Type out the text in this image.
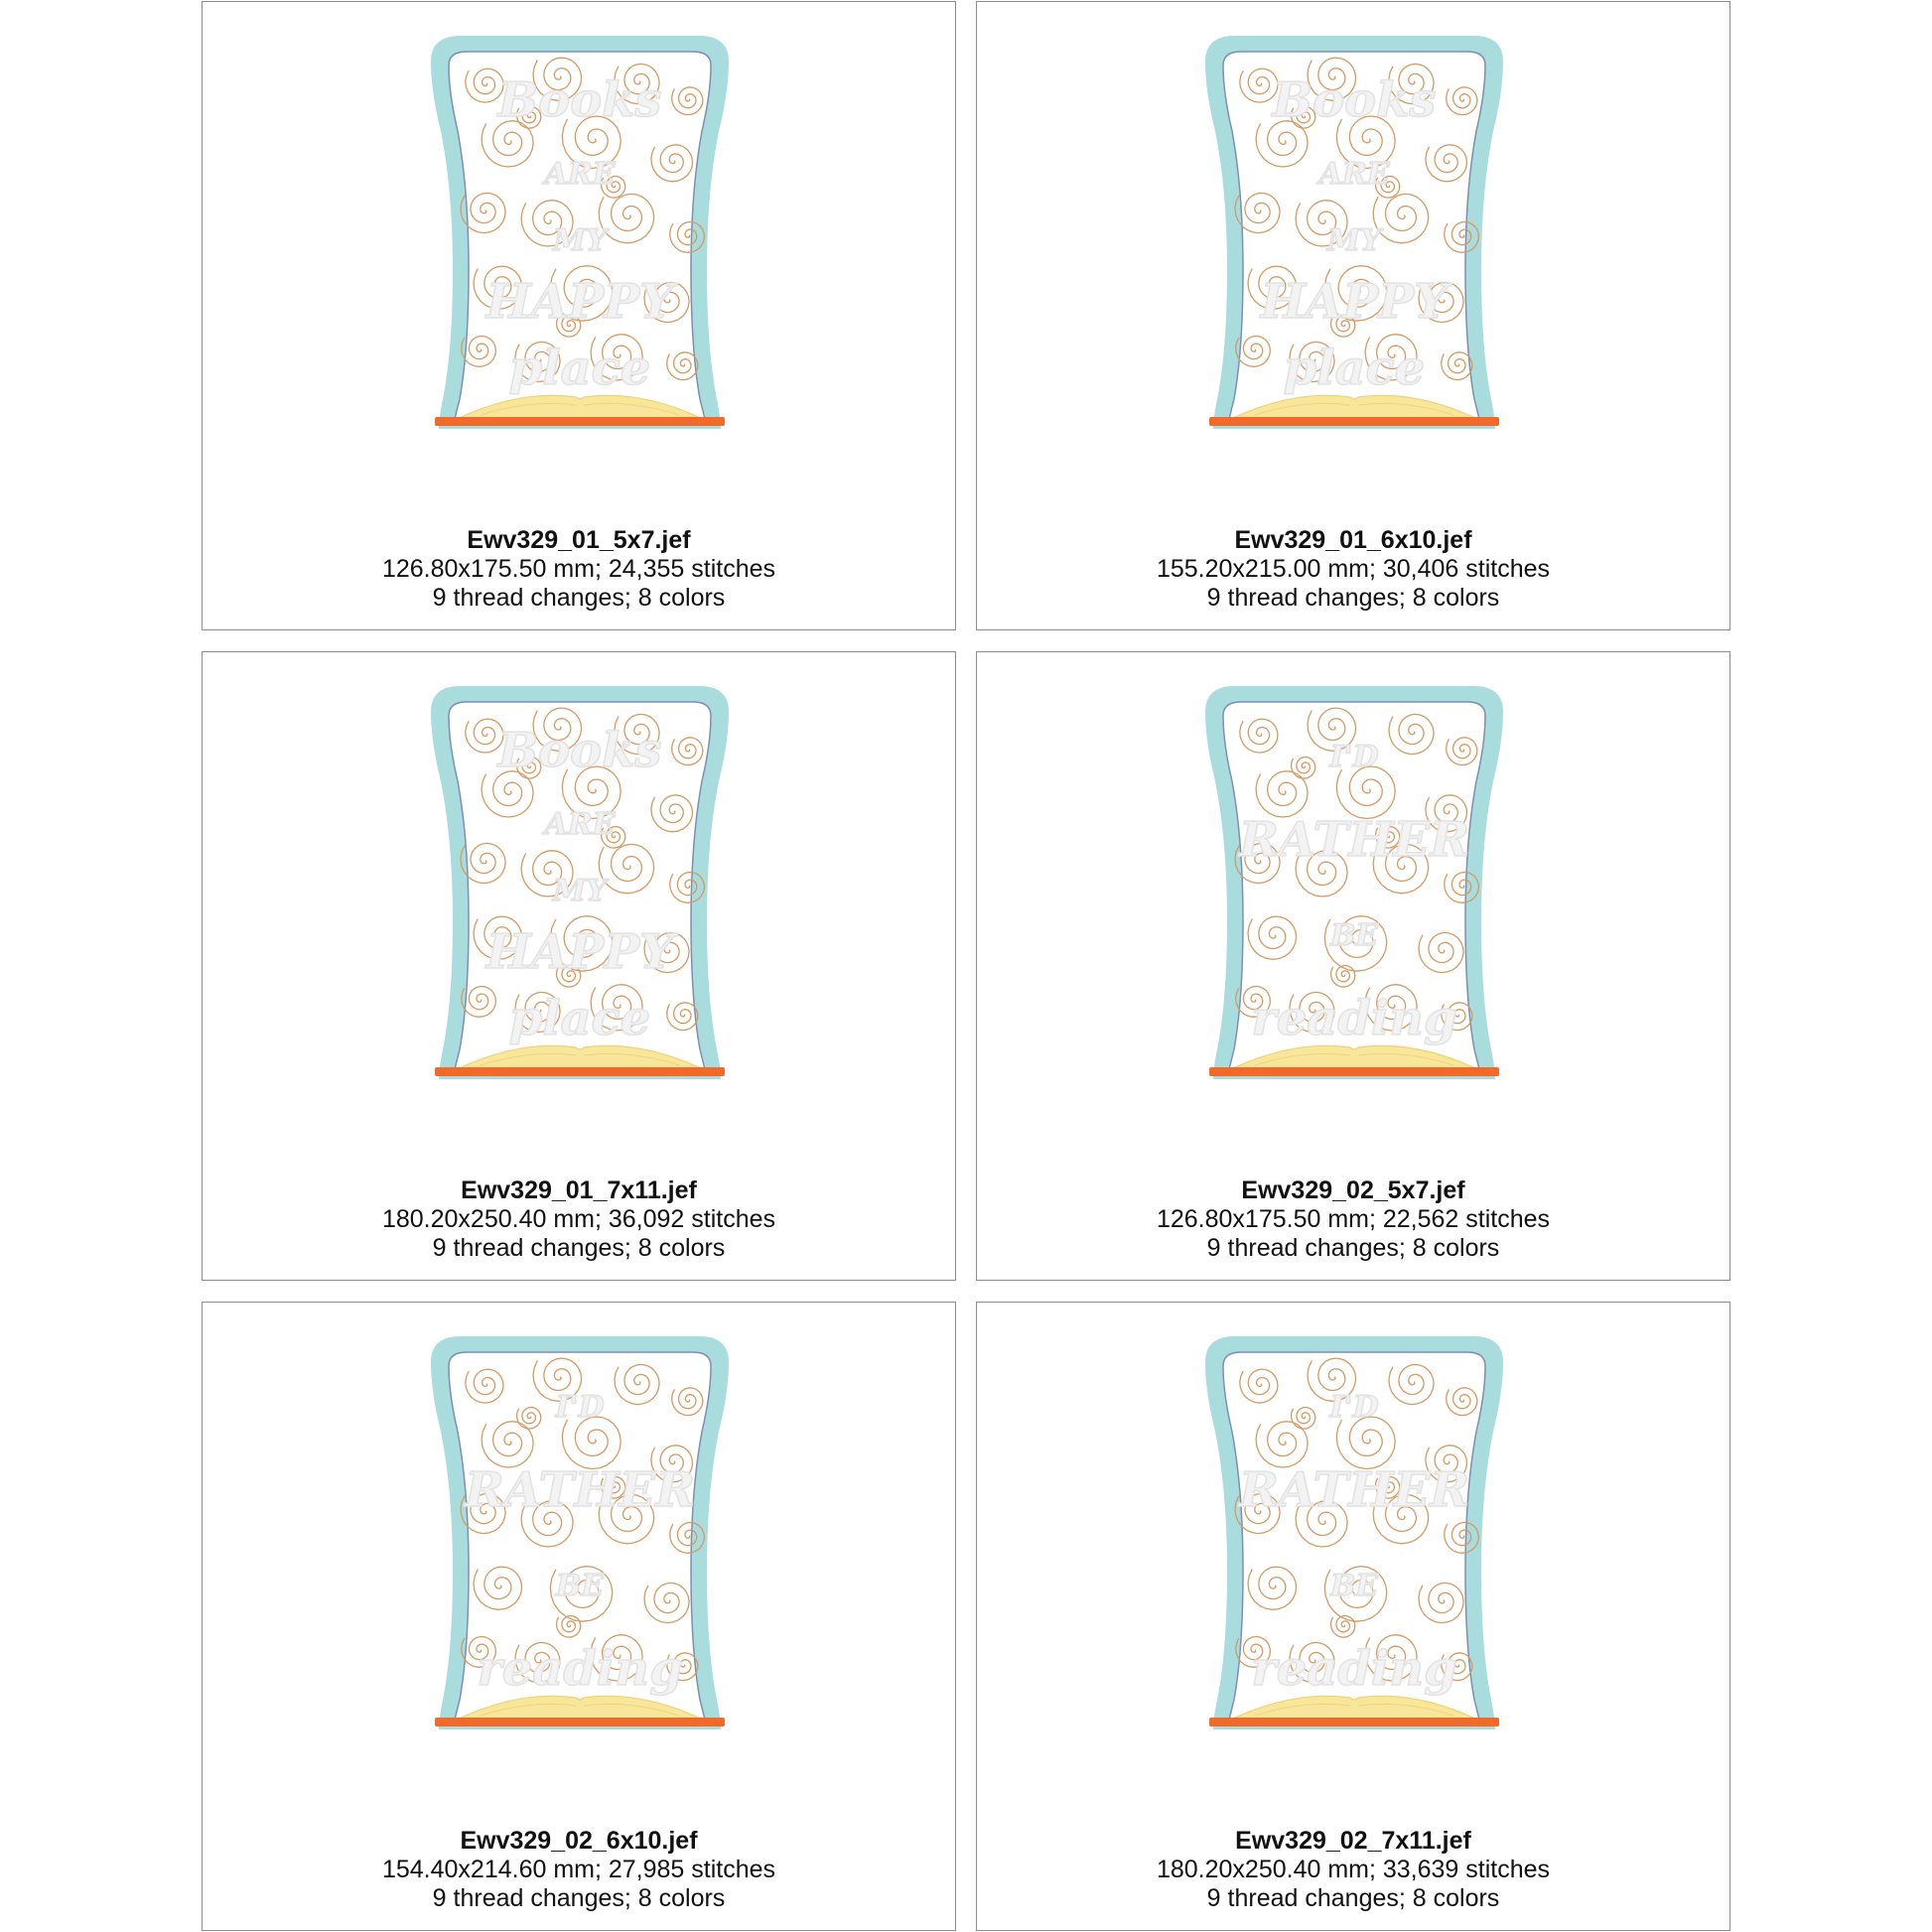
Books
ARE
MY
HAPPY
place
Ewv329_01_5x7.jef
126.80x175.50 mm; 24,355 stitches
9 thread changes; 8 colors
Books
ARE
MY
HAPPY
place
Ewv329_01_6x10.jef
155.20x215.00 mm; 30,406 stitches
9 thread changes; 8 colors
Books
ARE
MY
HAPPY
place
Ewv329_01_7x11.jef
180.20x250.40 mm; 36,092 stitches
9 thread changes; 8 colors
I'D
RATHER
BE
reading
Ewv329_02_5x7.jef
126.80x175.50 mm; 22,562 stitches
9 thread changes; 8 colors
I'D
RATHER
BE
reading
Ewv329_02_6x10.jef
154.40x214.60 mm; 27,985 stitches
9 thread changes; 8 colors
I'D
RATHER
BE
reading
Ewv329_02_7x11.jef
180.20x250.40 mm; 33,639 stitches
9 thread changes; 8 colors
